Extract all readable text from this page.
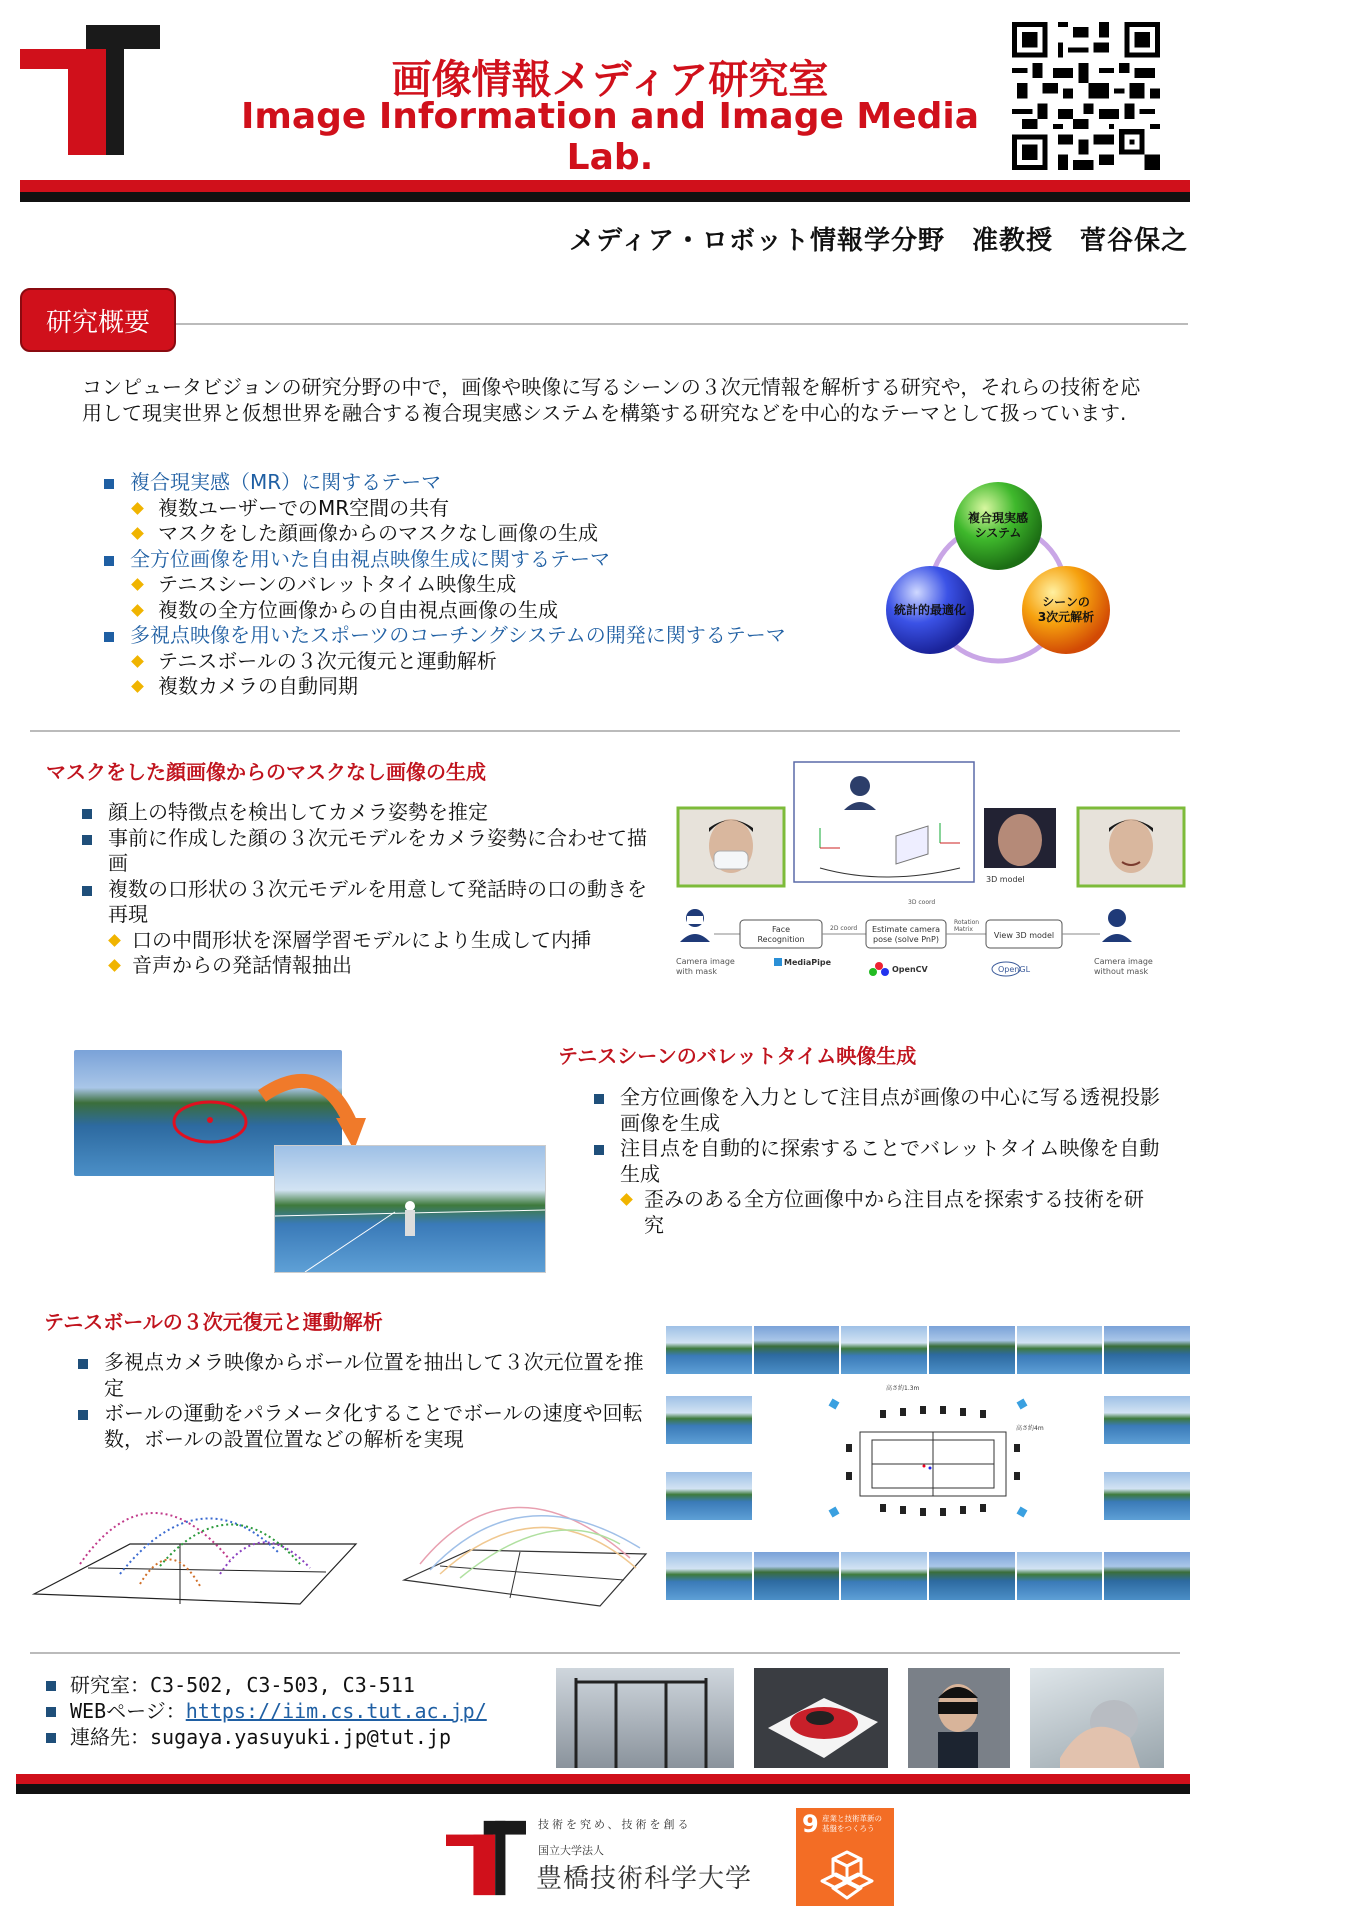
画像情報メディア研究室
Image Information and Image Media Lab.
メディア・ロボット情報学分野　准教授　菅谷保之
研究概要
コンピュータビジョンの研究分野の中で，画像や映像に写るシーンの３次元情報を解析する研究や，それらの技術を応用して現実世界と仮想世界を融合する複合現実感システムを構築する研究などを中心的なテーマとして扱っています.
複合現実感（MR）に関するテーマ
複数ユーザーでのMR空間の共有
マスクをした顔画像からのマスクなし画像の生成
全方位画像を用いた自由視点映像生成に関するテーマ
テニスシーンのバレットタイム映像生成
複数の全方位画像からの自由視点画像の生成
多視点映像を用いたスポーツのコーチングシステムの開発に関するテーマ
テニスボールの３次元復元と運動解析
複数カメラの自動同期
複合現実感システム
統計的最適化
シーンの 3次元解析
マスクをした顔画像からのマスクなし画像の生成
顔上の特徴点を検出してカメラ姿勢を推定
事前に作成した顔の３次元モデルをカメラ姿勢に合わせて描画
複数の口形状の３次元モデルを用意して発話時の口の動きを再現
口の中間形状を深層学習モデルにより生成して内挿
音声からの発話情報抽出
3D model
Camera image with mask
Face Recognition
2D coord Estimate camera pose (solve PnP)
3D coord
Rotation Matrix
View 3D model
Camera image without mask
MediaPipe
OpenCV	OpenGL
テニスシーンのバレットタイム映像生成
全方位画像を入力として注目点が画像の中心に写る透視投影画像を生成
注目点を自動的に探索することでバレットタイム映像を自動生成
歪みのある全方位画像中から注目点を探索する技術を研究
テニスボールの３次元復元と運動解析
多視点カメラ映像からボール位置を抽出して３次元位置を推定
ボールの運動をパラメータ化することでボールの速度や回転数，ボールの設置位置などの解析を実現
高さ約1.3m
高さ約4m
研究室：C3-502, C3-503, C3-511
WEBページ：https://iim.cs.tut.ac.jp/
連絡先：sugaya.yasuyuki.jp@tut.jp
技術を究め、技術を創る
国立大学法人
豊橋技術科学大学
9 産業と技術革新の
基盤をつくろう
